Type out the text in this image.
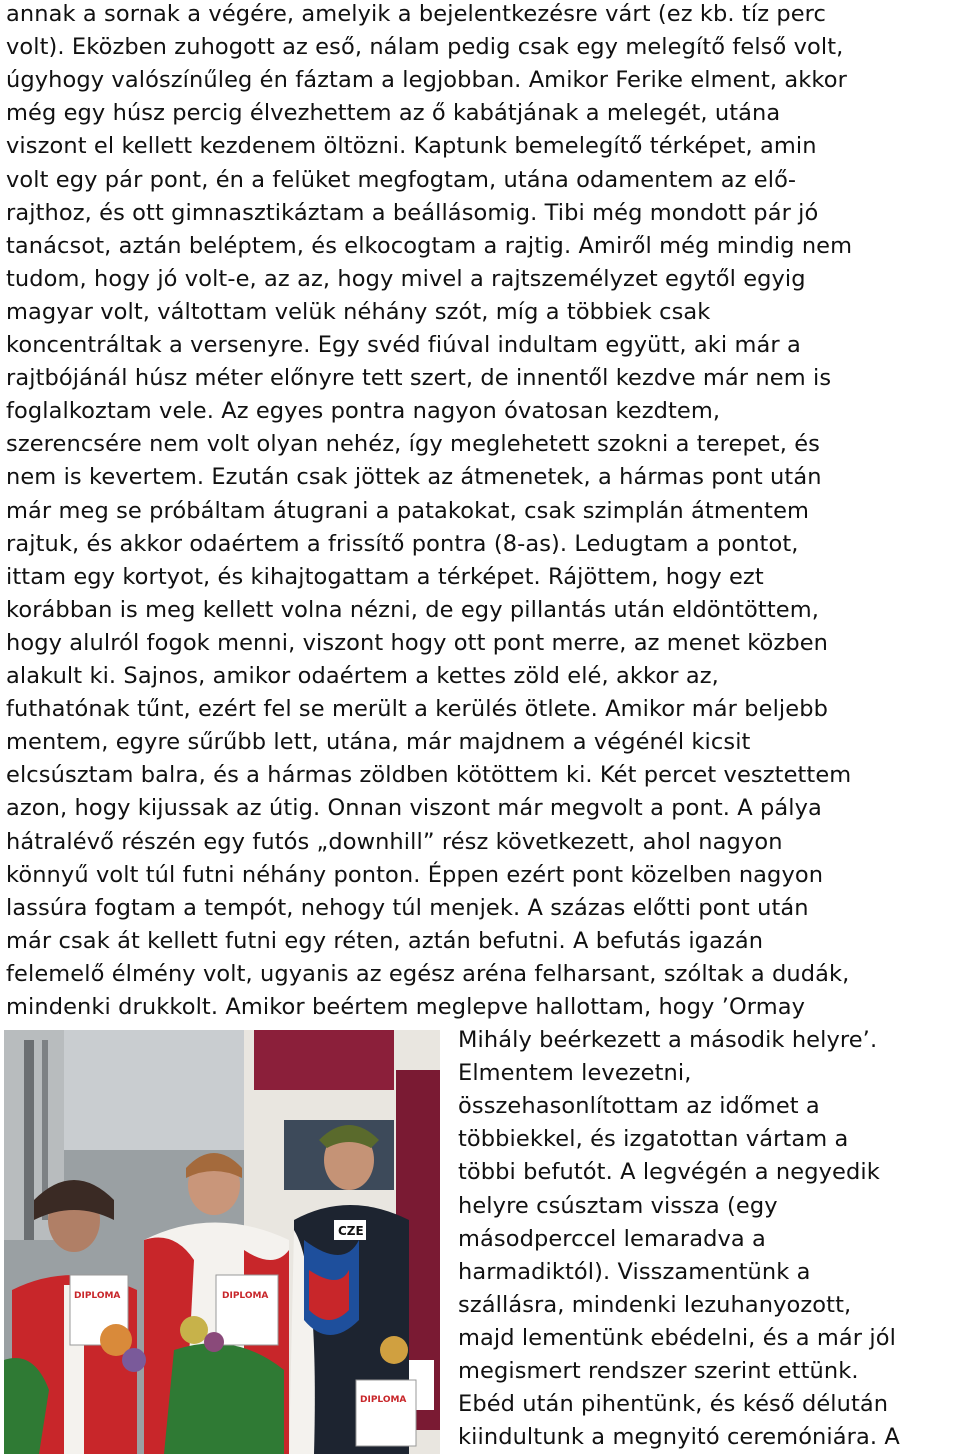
annak a sornak a végére, amelyik a bejelentkezésre várt (ez kb. tíz perc
volt). Eközben zuhogott az eső, nálam pedig csak egy melegítő felső volt,
úgyhogy valószínűleg én fáztam a legjobban. Amikor Ferike elment, akkor
még egy húsz percig élvezhettem az ő kabátjának a melegét, utána
viszont el kellett kezdenem öltözni. Kaptunk bemelegítő térképet, amin
volt egy pár pont, én a felüket megfogtam, utána odamentem az elő-
rajthoz, és ott gimnasztikáztam a beállásomig. Tibi még mondott pár jó
tanácsot, aztán beléptem, és elkocogtam a rajtig. Amiről még mindig nem
tudom, hogy jó volt-e, az az, hogy mivel a rajtszemélyzet egytől egyig
magyar volt, váltottam velük néhány szót, míg a többiek csak
koncentráltak a versenyre. Egy svéd fiúval indultam együtt, aki már a
rajtbójánál húsz méter előnyre tett szert, de innentől kezdve már nem is
foglalkoztam vele. Az egyes pontra nagyon óvatosan kezdtem,
szerencsére nem volt olyan nehéz, így meglehetett szokni a terepet, és
nem is kevertem. Ezután csak jöttek az átmenetek, a hármas pont után
már meg se próbáltam átugrani a patakokat, csak szimplán átmentem
rajtuk, és akkor odaértem a frissítő pontra (8-as). Ledugtam a pontot,
ittam egy kortyot, és kihajtogattam a térképet. Rájöttem, hogy ezt
korábban is meg kellett volna nézni, de egy pillantás után eldöntöttem,
hogy alulról fogok menni, viszont hogy ott pont merre, az menet közben
alakult ki. Sajnos, amikor odaértem a kettes zöld elé, akkor az,
futhatónak tűnt, ezért fel se merült a kerülés ötlete. Amikor már beljebb
mentem, egyre sűrűbb lett, utána, már majdnem a végénél kicsit
elcsúsztam balra, és a hármas zöldben kötöttem ki. Két percet vesztettem
azon, hogy kijussak az útig. Onnan viszont már megvolt a pont. A pálya
hátralévő részén egy futós „downhill” rész következett, ahol nagyon
könnyű volt túl futni néhány ponton. Éppen ezért pont közelben nagyon
lassúra fogtam a tempót, nehogy túl menjek. A százas előtti pont után
már csak át kellett futni egy réten, aztán befutni. A befutás igazán
felemelő élmény volt, ugyanis az egész aréna felharsant, szóltak a dudák,
mindenki drukkolt. Amikor beértem meglepve hallottam, hogy ’Ormay
Mihály beérkezett a második helyre’.
Elmentem levezetni,
összehasonlítottam az időmet a
többiekkel, és izgatottan vártam a
többi befutót. A legvégén a negyedik
helyre csúsztam vissza (egy
másodperccel lemaradva a
harmadiktól). Visszamentünk a
szállásra, mindenki lezuhanyozott,
majd lementünk ebédelni, és a már jól
megismert rendszer szerint ettünk.
Ebéd után pihentünk, és késő délután
kiindultunk a megnyitó ceremóniára. A
CZE
DIPLOMA	DIPLOMA
DIPLOMA
